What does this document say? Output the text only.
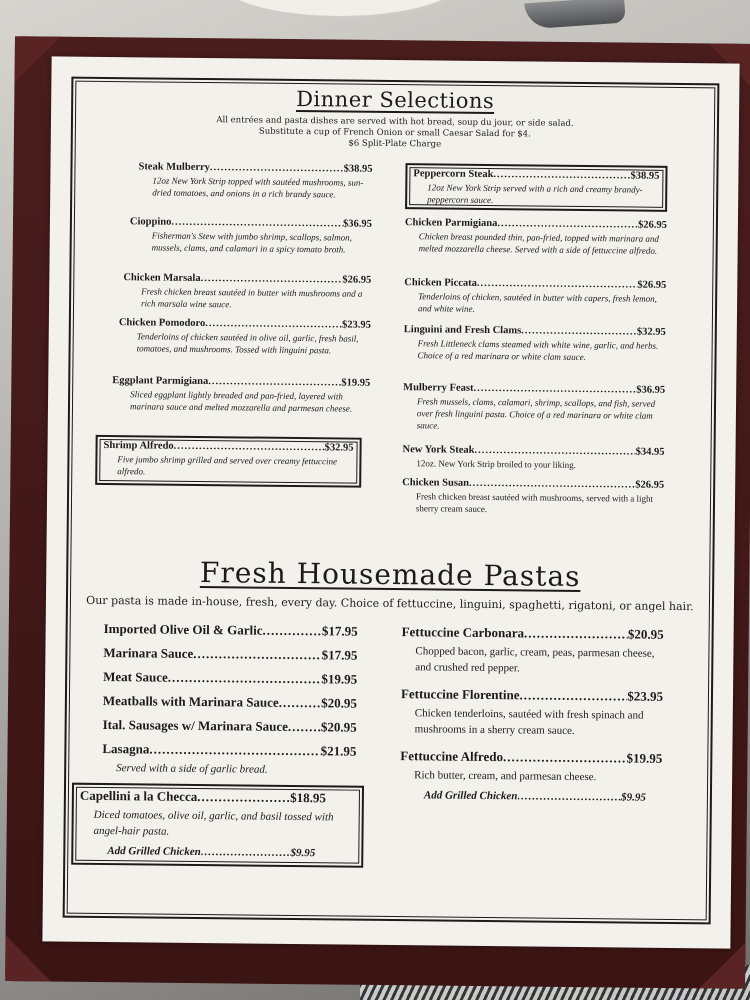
Dinner Selections
All entrées and pasta dishes are served with hot bread, soup du jour, or side salad.
Substitute a cup of French Onion or small Caesar Salad for $4.
$6 Split-Plate Charge
Steak Mulberry .....	$38.95
12oz New York Strip topped with sautéed mushrooms, sun-dried tomatoes, and onions in a rich brandy sauce.
Cioppino .....	$36.95
Fisherman's Stew with jumbo shrimp, scallops, salmon, mussels, clams, and calamari in a spicy tomato broth.
Chicken Marsala .....	$26.95
Fresh chicken breast sautéed in butter with mushrooms and a rich marsala wine sauce.
Chicken Pomodoro .....	$23.95
Tenderloins of chicken sautéed in olive oil, garlic, fresh basil, tomatoes, and mushrooms. Tossed with linguini pasta.
Eggplant Parmigiana .....	$19.95
Sliced eggplant lightly breaded and pan-fried, layered with marinara sauce and melted mozzarella and parmesan cheese.
Shrimp Alfredo .....	$32.95
Five jumbo shrimp grilled and served over creamy fettuccine alfredo.
Peppercorn Steak .....	$38.95
12oz New York Strip served with a rich and creamy brandy-peppercorn sauce.
Chicken Parmigiana .....	$26.95
Chicken breast pounded thin, pan-fried, topped with marinara and melted mozzarella cheese. Served with a side of fettuccine alfredo.
Chicken Piccata .....	$26.95
Tenderloins of chicken, sautéed in butter with capers, fresh lemon, and white wine.
Linguini and Fresh Clams .....	$32.95
Fresh Littleneck clams steamed with white wine, garlic, and herbs. Choice of a red marinara or white clam sauce.
Mulberry Feast .....	$36.95
Fresh mussels, clams, calamari, shrimp, scallops, and fish, served over fresh linguini pasta. Choice of a red marinara or white clam sauce.
New York Steak .....	$34.95
12oz. New York Strip broiled to your liking.
Chicken Susan .....	$26.95
Fresh chicken breast sautéed with mushrooms, served with a light sherry cream sauce.
Fresh Housemade Pastas
Our pasta is made in-house, fresh, every day. Choice of fettuccine, linguini, spaghetti, rigatoni, or angel hair.
Imported Olive Oil & Garlic .....	$17.95
Marinara Sauce .....	$17.95
Meat Sauce .....	$19.95
Meatballs with Marinara Sauce .....	$20.95
Ital. Sausages w/ Marinara Sauce .....	$20.95
Lasagna .....	$21.95
Served with a side of garlic bread.
Capellini a la Checca .....	$18.95
Diced tomatoes, olive oil, garlic, and basil tossed with angel-hair pasta.
Add Grilled Chicken .....	$9.95
Fettuccine Carbonara .....	$20.95
Chopped bacon, garlic, cream, peas, parmesan cheese, and crushed red pepper.
Fettuccine Florentine .....	$23.95
Chicken tenderloins, sautéed with fresh spinach and mushrooms in a sherry cream sauce.
Fettuccine Alfredo .....	$19.95
Rich butter, cream, and parmesan cheese.
Add Grilled Chicken .....	$9.95
